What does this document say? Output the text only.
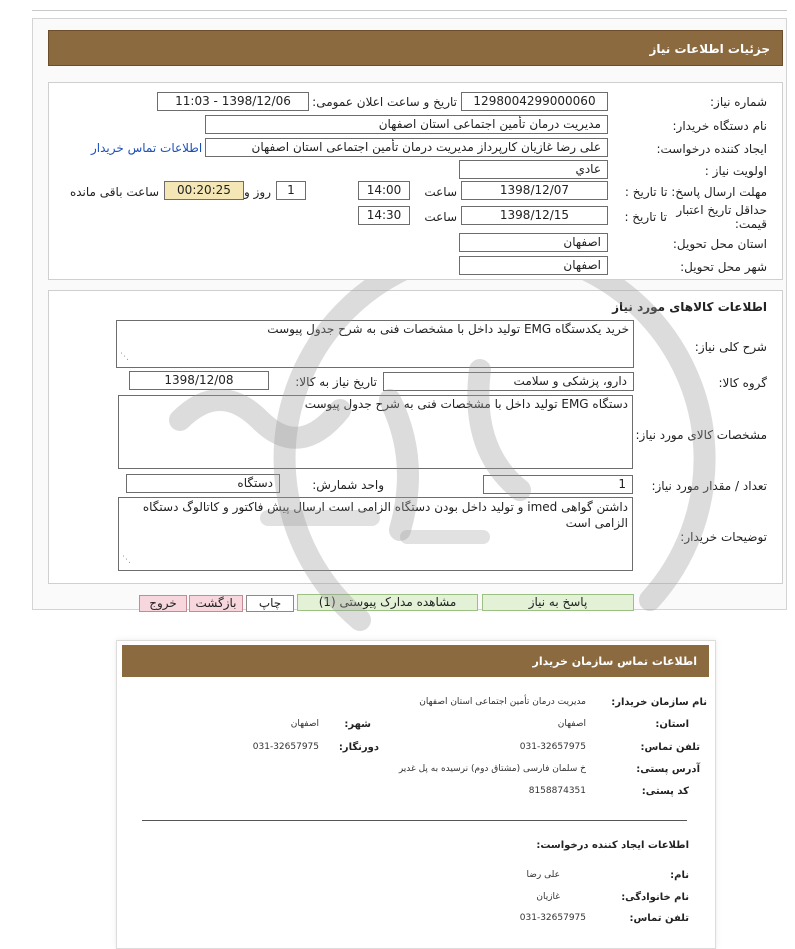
جزئیات اطلاعات نیاز
شماره نیاز:
1298004299000060
تاریخ و ساعت اعلان عمومی:
1398/12/06 - 11:03
نام دستگاه خریدار:
مدیریت درمان تأمین اجتماعی استان اصفهان
ایجاد کننده درخواست:
علی رضا غازیان کارپرداز مدیریت درمان تأمین اجتماعی استان اصفهان
اطلاعات تماس خریدار
اولویت نیاز :
عادي
مهلت ارسال پاسخ: تا تاریخ :
1398/12/07
ساعت
14:00
1
روز و
00:20:25
ساعت باقی مانده
حداقل تاریخ اعتبار قیمت:
تا تاریخ :
1398/12/15
ساعت
14:30
استان محل تحویل:
اصفهان
شهر محل تحویل:
اصفهان
اطلاعات کالاهای مورد نیاز
شرح کلی نیاز:
خرید یکدستگاه EMG تولید داخل با مشخصات فنی به شرح جدول پیوست
⋰
گروه کالا:
دارو، پزشکی و سلامت
تاریخ نیاز به کالا:
1398/12/08
مشخصات کالای مورد نیاز:
دستگاه EMG تولید داخل با مشخصات فنی به شرح جدول پیوست
تعداد / مقدار مورد نیاز:
1
واحد شمارش:
دستگاه
توضیحات خریدار:
داشتن گواهی imed و تولید داخل بودن دستگاه الزامی است ارسال پیش فاکتور و کاتالوگ دستگاه الزامی است
⋰
پاسخ به نیاز
مشاهده مدارک پیوستی (1)
چاپ
بازگشت
خروج
اطلاعات تماس سازمان خریدار
نام سازمان خریدار:
مدیریت درمان تأمین اجتماعی استان اصفهان
استان:
اصفهان
شهر:
اصفهان
تلفن تماس:
031-32657975
دورنگار:
031-32657975
آدرس پستی:
خ سلمان فارسی (مشتاق دوم) نرسیده به پل غدیر
کد پستی:
8158874351
اطلاعات ایجاد کننده درخواست:
نام:
علی رضا
نام خانوادگی:
غازیان
تلفن تماس:
031-32657975
